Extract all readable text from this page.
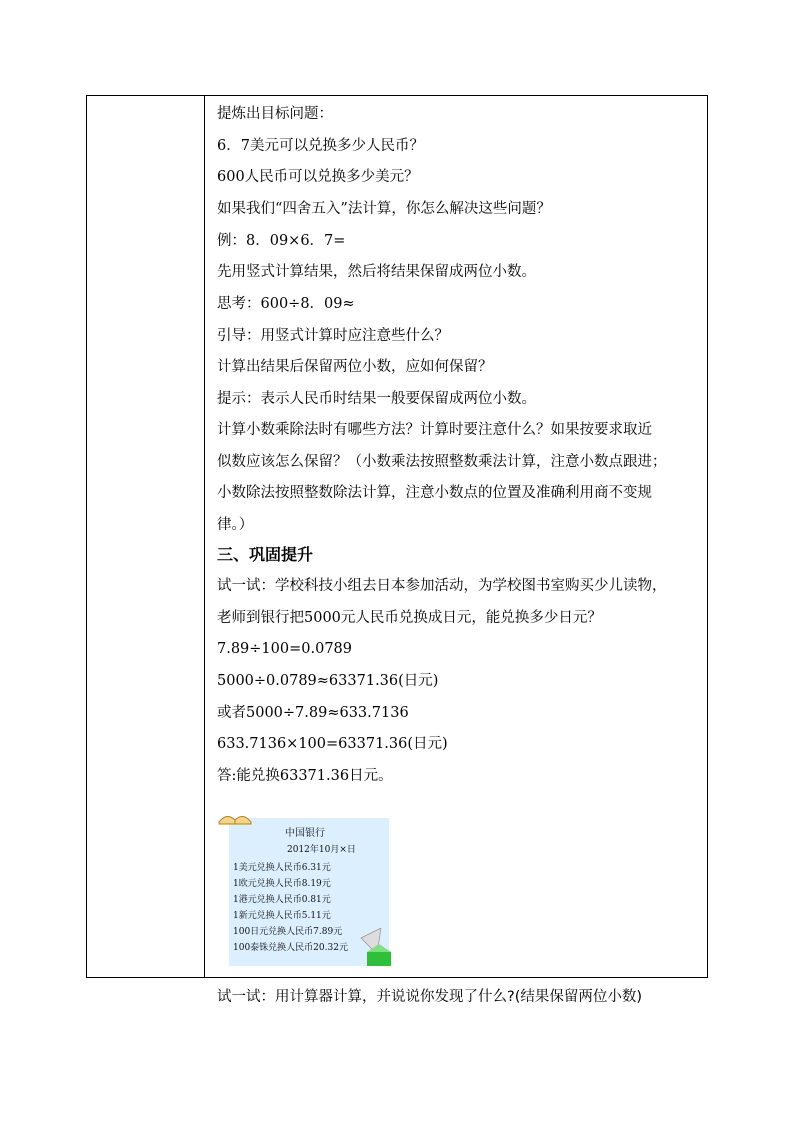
提炼出目标问题：
6．7美元可以兑换多少人民币？
600人民币可以兑换多少美元？
如果我们“四舍五入”法计算，你怎么解决这些问题？
例：8．09×6．7=
先用竖式计算结果，然后将结果保留成两位小数。
思考：600÷8．09≈
引导：用竖式计算时应注意些什么？
计算出结果后保留两位小数，应如何保留？
提示：表示人民币时结果一般要保留成两位小数。
计算小数乘除法时有哪些方法？计算时要注意什么？如果按要求取近
似数应该怎么保留？（小数乘法按照整数乘法计算，注意小数点跟进；
小数除法按照整数除法计算，注意小数点的位置及准确利用商不变规
律。）
三、巩固提升
试一试：学校科技小组去日本参加活动，为学校图书室购买少儿读物，
老师到银行把5000元人民币兑换成日元，能兑换多少日元？
7.89÷100=0.0789
5000÷0.0789≈63371.36(日元)
或者5000÷7.89≈633.7136
633.7136×100=63371.36(日元)
答:能兑换63371.36日元。
中国银行
2012年10月×日
1美元兑换人民币6.31元
1欧元兑换人民币8.19元
1港元兑换人民币0.81元
1新元兑换人民币5.11元
100日元兑换人民币7.89元
100泰铢兑换人民币20.32元
试一试：用计算器计算，并说说你发现了什么?(结果保留两位小数)
